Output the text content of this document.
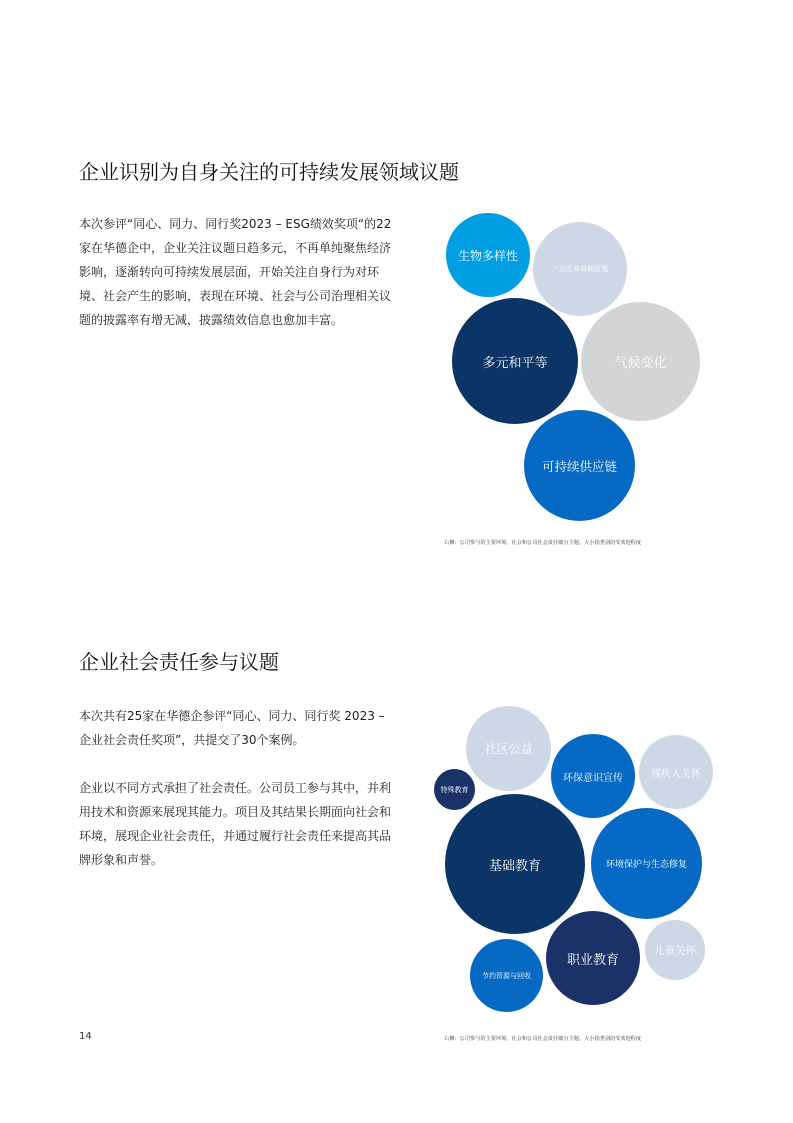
企业识别为自身关注的可持续发展领域议题

本次参评“同心、同力、同行奖2023 – ESG绩效奖项“的22家在华德企中，企业关注议题日趋多元，不再单纯聚焦经济影响，逐渐转向可持续发展层面，开始关注自身行为对环境、社会产生的影响，表现在环境、社会与公司治理相关议题的披露率有增无减，披露绩效信息也愈加丰富。

生物多样性
产品生命周期管理
多元和平等	气候变化
可持续供应链
右侧：公司参与的主要环境、社会和公司社会责任细分主题。大小指类别的受欢迎程度
企业社会责任参与议题

本次共有25家在华德企参评“同心、同力、同行奖 2023 – 企业社会责任奖项”，共提交了30个案例。

企业以不同方式承担了社会责任。公司员工参与其中，并利用技术和资源来展现其能力。项目及其结果长期面向社会和环境，展现企业社会责任，并通过履行社会责任来提高其品牌形象和声誉。

社区公益
环保意识宣传	残疾人关怀
特殊教育
基础教育	环境保护与生态修复
职业教育
儿童关怀
节约资源与回收
右侧：公司参与的主要环境、社会和公司社会责任细分主题。大小指类别的受欢迎程度
14
